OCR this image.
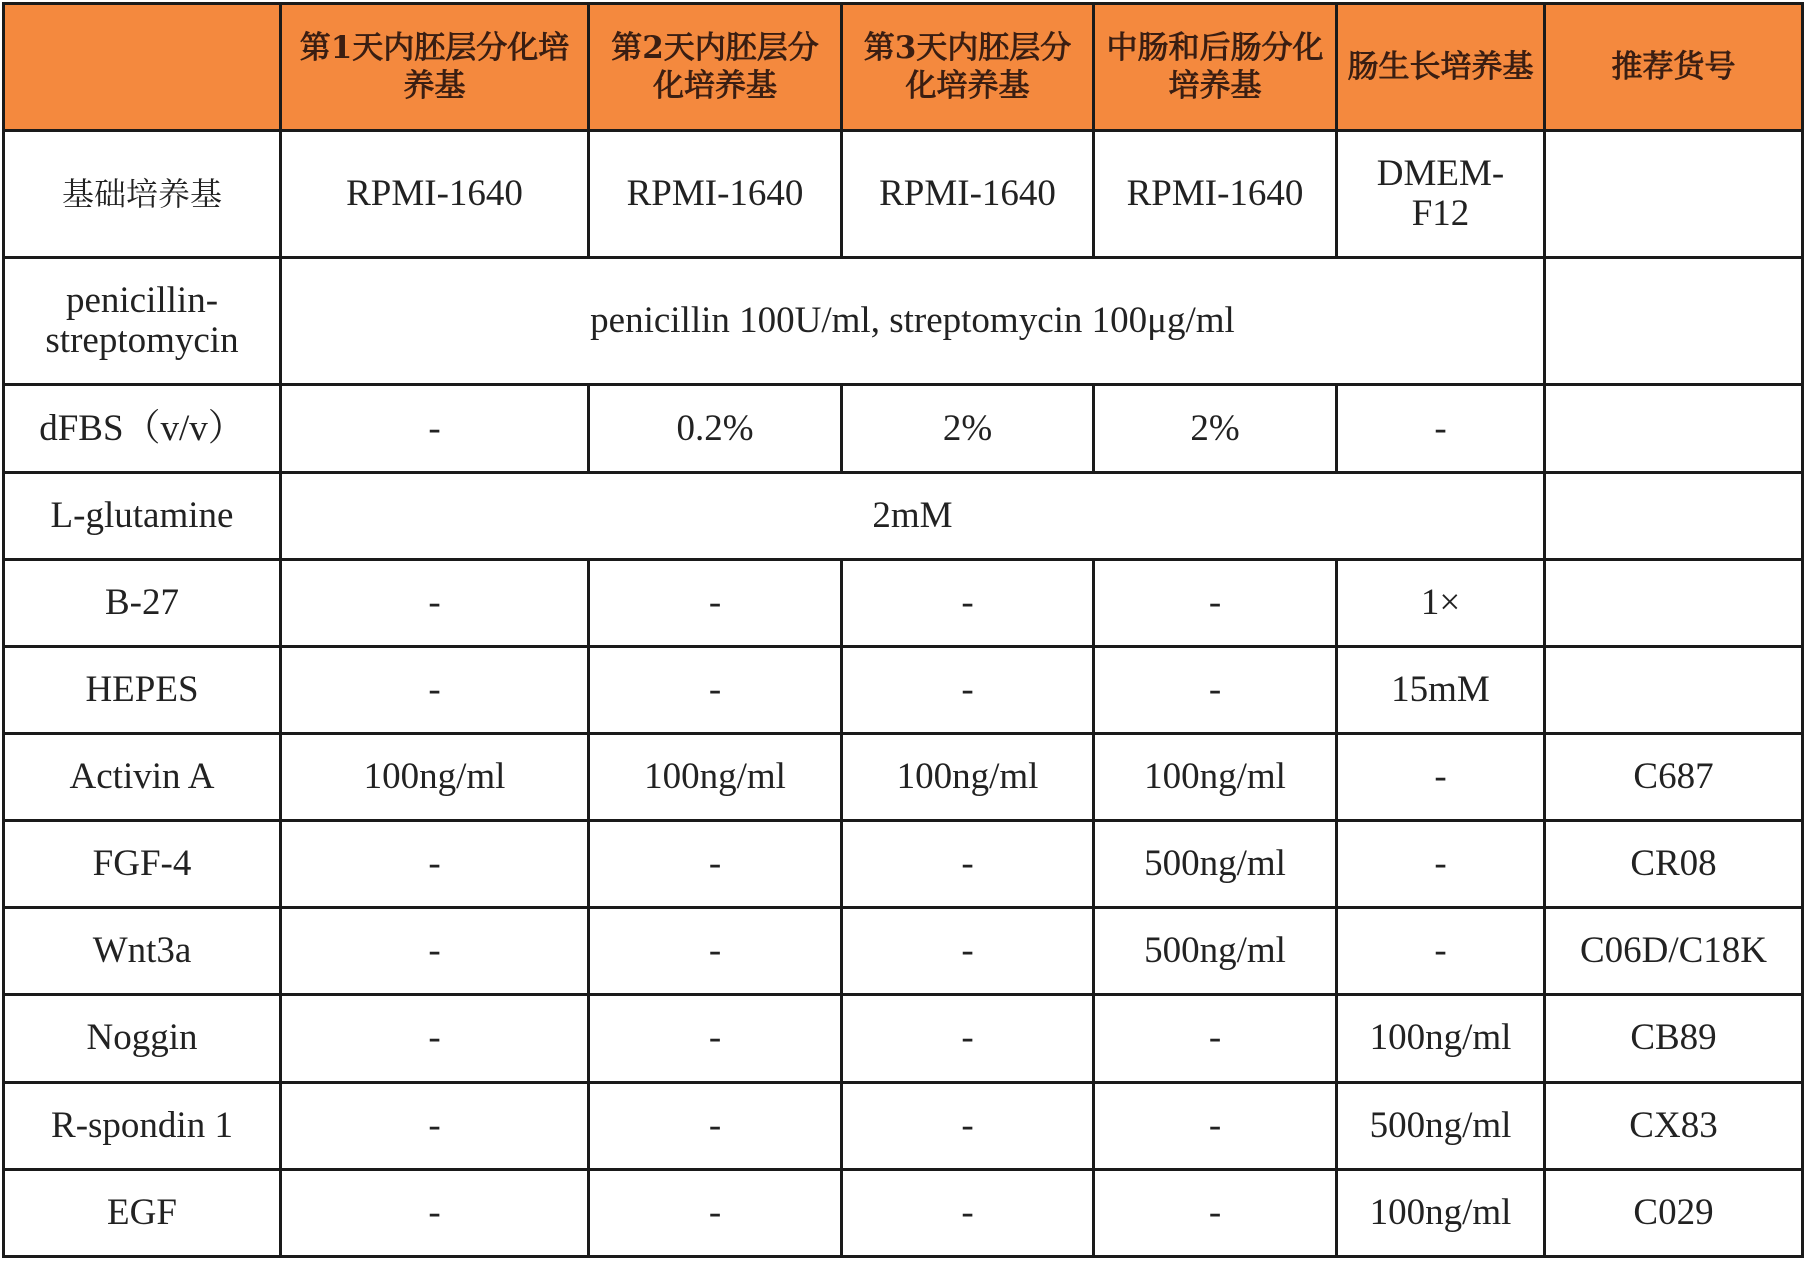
	第1天内胚层分化培养基	第2天内胚层分化培养基	第3天内胚层分化培养基	中肠和后肠分化培养基	肠生长培养基	推荐货号
基础培养基	RPMI-1640	RPMI-1640	RPMI-1640	RPMI-1640	DMEM-F12	
penicillin-streptomycin	penicillin 100U/ml, streptomycin 100μg/ml					
dFBS（v/v）	-	0.2%	2%	2%	-	
L-glutamine	2mM					
B-27	-	-	-	-	1×	
HEPES	-	-	-	-	15mM	
Activin A	100ng/ml	100ng/ml	100ng/ml	100ng/ml	-	C687
FGF-4	-	-	-	500ng/ml	-	CR08
Wnt3a	-	-	-	500ng/ml	-	C06D/C18K
Noggin	-	-	-	-	100ng/ml	CB89
R-spondin 1	-	-	-	-	500ng/ml	CX83
EGF	-	-	-	-	100ng/ml	C029
